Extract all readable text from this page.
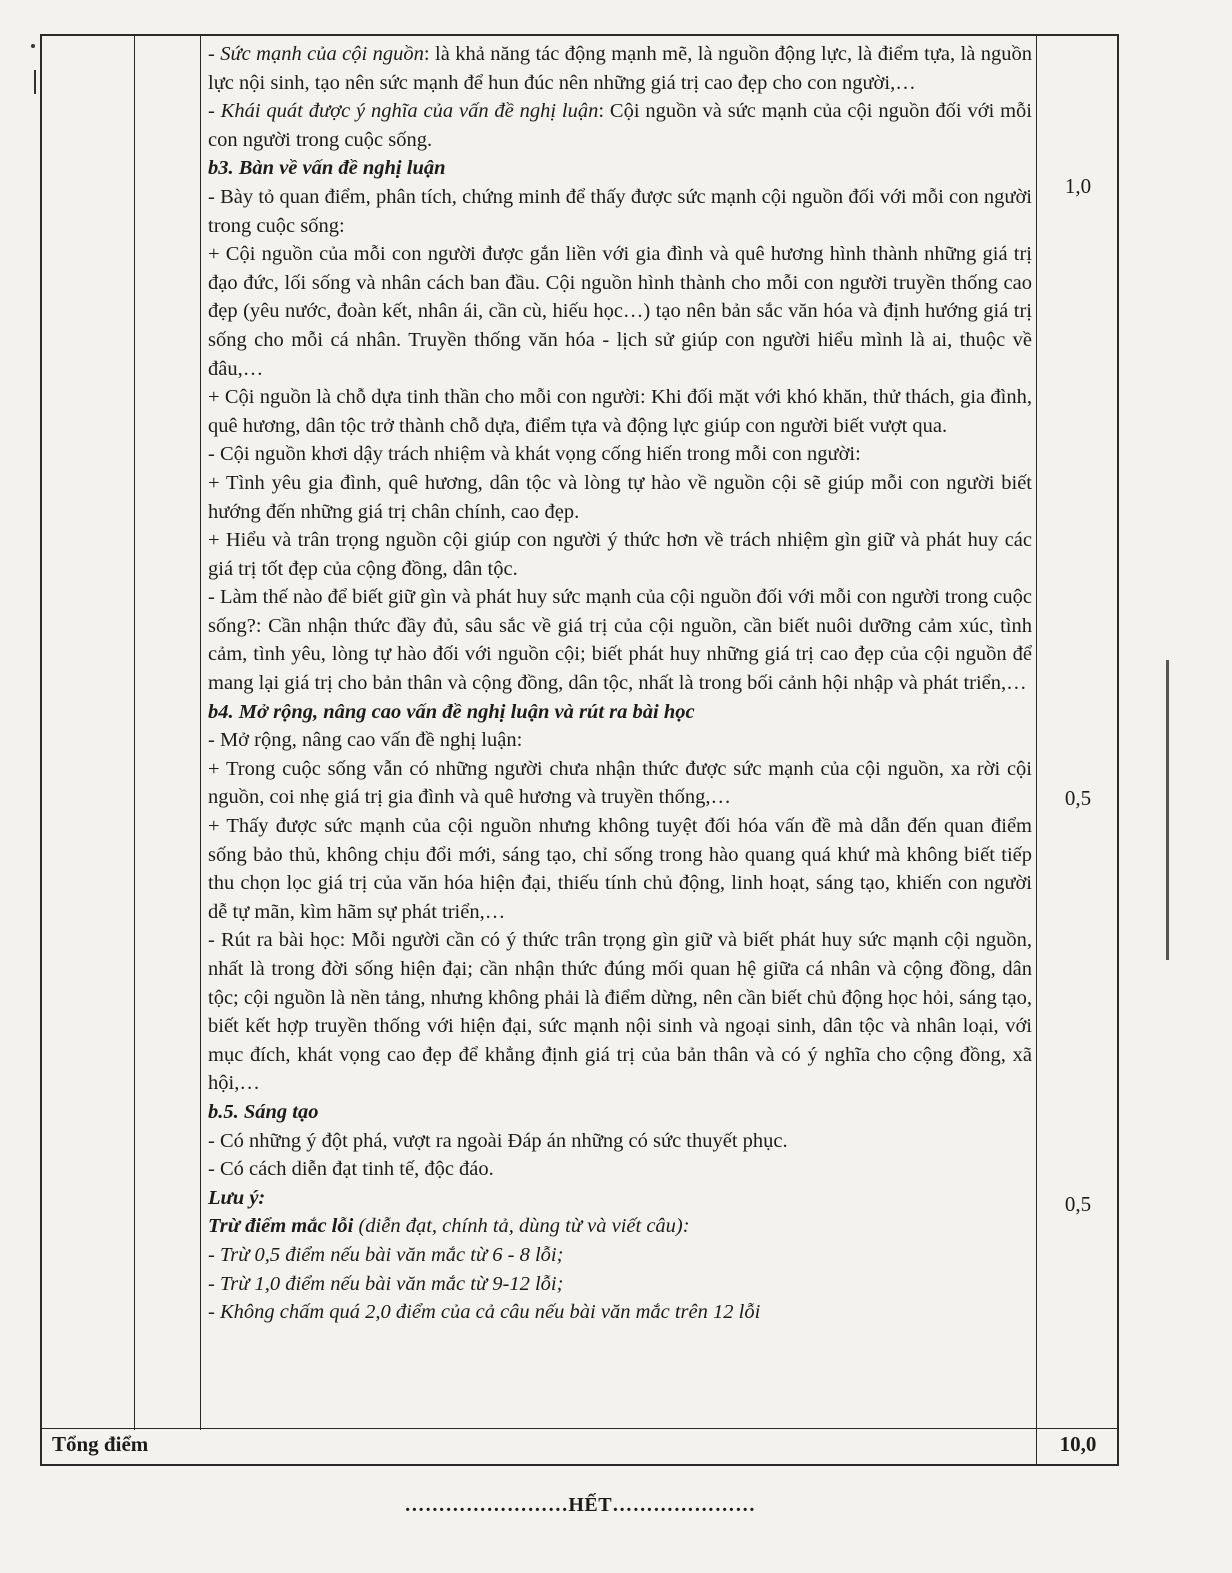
- Sức mạnh của cội nguồn: là khả năng tác động mạnh mẽ, là nguồn động lực, là điểm tựa, là nguồn lực nội sinh, tạo nên sức mạnh để hun đúc nên những giá trị cao đẹp cho con người,…

- Khái quát được ý nghĩa của vấn đề nghị luận: Cội nguồn và sức mạnh của cội nguồn đối với mỗi con người trong cuộc sống.

b3. Bàn về vấn đề nghị luận

- Bày tỏ quan điểm, phân tích, chứng minh để thấy được sức mạnh cội nguồn đối với mỗi con người trong cuộc sống:

+ Cội nguồn của mỗi con người được gắn liền với gia đình và quê hương hình thành những giá trị đạo đức, lối sống và nhân cách ban đầu. Cội nguồn hình thành cho mỗi con người truyền thống cao đẹp (yêu nước, đoàn kết, nhân ái, cần cù, hiếu học…) tạo nên bản sắc văn hóa và định hướng giá trị sống cho mỗi cá nhân. Truyền thống văn hóa - lịch sử giúp con người hiểu mình là ai, thuộc về đâu,…

+ Cội nguồn là chỗ dựa tinh thần cho mỗi con người: Khi đối mặt với khó khăn, thử thách, gia đình, quê hương, dân tộc trở thành chỗ dựa, điểm tựa và động lực giúp con người biết vượt qua.

- Cội nguồn khơi dậy trách nhiệm và khát vọng cống hiến trong mỗi con người:

+ Tình yêu gia đình, quê hương, dân tộc và lòng tự hào về nguồn cội sẽ giúp mỗi con người biết hướng đến những giá trị chân chính, cao đẹp.

+ Hiểu và trân trọng nguồn cội giúp con người ý thức hơn về trách nhiệm gìn giữ và phát huy các giá trị tốt đẹp của cộng đồng, dân tộc.

- Làm thế nào để biết giữ gìn và phát huy sức mạnh của cội nguồn đối với mỗi con người trong cuộc sống?: Cần nhận thức đầy đủ, sâu sắc về giá trị của cội nguồn, cần biết nuôi dưỡng cảm xúc, tình cảm, tình yêu, lòng tự hào đối với nguồn cội; biết phát huy những giá trị cao đẹp của cội nguồn để mang lại giá trị cho bản thân và cộng đồng, dân tộc, nhất là trong bối cảnh hội nhập và phát triển,…

b4. Mở rộng, nâng cao vấn đề nghị luận và rút ra bài học

- Mở rộng, nâng cao vấn đề nghị luận:

+ Trong cuộc sống vẫn có những người chưa nhận thức được sức mạnh của cội nguồn, xa rời cội nguồn, coi nhẹ giá trị gia đình và quê hương và truyền thống,…

+ Thấy được sức mạnh của cội nguồn nhưng không tuyệt đối hóa vấn đề mà dẫn đến quan điểm sống bảo thủ, không chịu đổi mới, sáng tạo, chỉ sống trong hào quang quá khứ mà không biết tiếp thu chọn lọc giá trị của văn hóa hiện đại, thiếu tính chủ động, linh hoạt, sáng tạo, khiến con người dễ tự mãn, kìm hãm sự phát triển,…

- Rút ra bài học: Mỗi người cần có ý thức trân trọng gìn giữ và biết phát huy sức mạnh cội nguồn, nhất là trong đời sống hiện đại; cần nhận thức đúng mối quan hệ giữa cá nhân và cộng đồng, dân tộc; cội nguồn là nền tảng, nhưng không phải là điểm dừng, nên cần biết chủ động học hỏi, sáng tạo, biết kết hợp truyền thống với hiện đại, sức mạnh nội sinh và ngoại sinh, dân tộc và nhân loại, với mục đích, khát vọng cao đẹp để khẳng định giá trị của bản thân và có ý nghĩa cho cộng đồng, xã hội,…

b.5. Sáng tạo

- Có những ý đột phá, vượt ra ngoài Đáp án những có sức thuyết phục.

- Có cách diễn đạt tinh tế, độc đáo.

Lưu ý:

Trừ điểm mắc lỗi (diễn đạt, chính tả, dùng từ và viết câu):

- Trừ 0,5 điểm nếu bài văn mắc từ 6 - 8 lỗi;

- Trừ 1,0 điểm nếu bài văn mắc từ 9-12 lỗi;

- Không chấm quá 2,0 điểm của cả câu nếu bài văn mắc trên 12 lỗi

1,0
0,5
0,5
Tổng điểm	10,0
……………………HẾT…………………
